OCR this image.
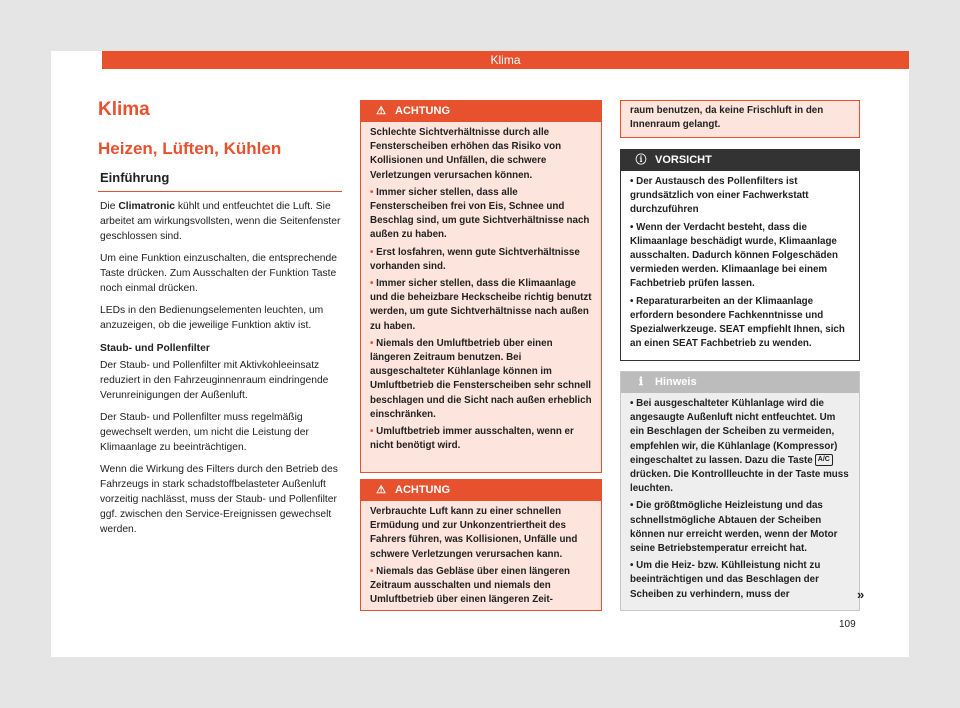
Klima
Klima
Heizen, Lüften, Kühlen
Einführung

Die Climatronic kühlt und entfeuchtet die Luft. Sie arbeitet am wirkungsvollsten, wenn die Seitenfenster geschlossen sind.

Um eine Funktion einzuschalten, die entsprechende Taste drücken. Zum Ausschalten der Funktion Taste noch einmal drücken.

LEDs in den Bedienungselementen leuchten, um anzuzeigen, ob die jeweilige Funktion aktiv ist.

Staub- und Pollenfilter

Der Staub- und Pollenfilter mit Aktivkohleeinsatz reduziert in den Fahrzeuginnenraum eindringende Verunreinigungen der Außenluft.

Der Staub- und Pollenfilter muss regelmäßig gewechselt werden, um nicht die Leistung der Klimaanlage zu beeinträchtigen.

Wenn die Wirkung des Filters durch den Betrieb des Fahrzeugs in stark schadstoffbelasteter Außenluft vorzeitig nachlässt, muss der Staub- und Pollenfilter ggf. zwischen den Service-Ereignissen gewechselt werden.

⚠ ACHTUNG

Schlechte Sichtverhältnisse durch alle Fensterscheiben erhöhen das Risiko von Kollisionen und Unfällen, die schwere Verletzungen verursachen können.

• Immer sicher stellen, dass alle Fensterscheiben frei von Eis, Schnee und Beschlag sind, um gute Sichtverhältnisse nach außen zu haben.

• Erst losfahren, wenn gute Sichtverhältnisse vorhanden sind.

• Immer sicher stellen, dass die Klimaanlage und die beheizbare Heckscheibe richtig benutzt werden, um gute Sichtverhältnisse nach außen zu haben.

• Niemals den Umluftbetrieb über einen längeren Zeitraum benutzen. Bei ausgeschalteter Kühlanlage können im Umluftbetrieb die Fensterscheiben sehr schnell beschlagen und die Sicht nach außen erheblich einschränken.

• Umluftbetrieb immer ausschalten, wenn er nicht benötigt wird.

⚠ ACHTUNG

Verbrauchte Luft kann zu einer schnellen Ermüdung und zur Unkonzentriertheit des Fahrers führen, was Kollisionen, Unfälle und schwere Verletzungen verursachen kann.

• Niemals das Gebläse über einen längeren Zeitraum ausschalten und niemals den Umluftbetrieb über einen längeren Zeit-

raum benutzen, da keine Frischluft in den Innenraum gelangt.

ⓘ VORSICHT

• Der Austausch des Pollenfilters ist grundsätzlich von einer Fachwerkstatt durchzuführen

• Wenn der Verdacht besteht, dass die Klimaanlage beschädigt wurde, Klimaanlage ausschalten. Dadurch können Folgeschäden vermieden werden. Klimaanlage bei einem Fachbetrieb prüfen lassen.

• Reparaturarbeiten an der Klimaanlage erfordern besondere Fachkenntnisse und Spezialwerkzeuge. SEAT empfiehlt Ihnen, sich an einen SEAT Fachbetrieb zu wenden.

ℹ	Hinweis

• Bei ausgeschalteter Kühlanlage wird die angesaugte Außenluft nicht entfeuchtet. Um ein Beschlagen der Scheiben zu vermeiden, empfehlen wir, die Kühlanlage (Kompressor) eingeschaltet zu lassen. Dazu die Taste A/Cdrücken. Die Kontrollleuchte in der Taste muss leuchten.

• Die größtmögliche Heizleistung und das schnellstmögliche Abtauen der Scheiben können nur erreicht werden, wenn der Motor seine Betriebstemperatur erreicht hat.

• Um die Heiz- bzw. Kühlleistung nicht zu beeinträchtigen und das Beschlagen der Scheiben zu verhindern, muss der	»
109
